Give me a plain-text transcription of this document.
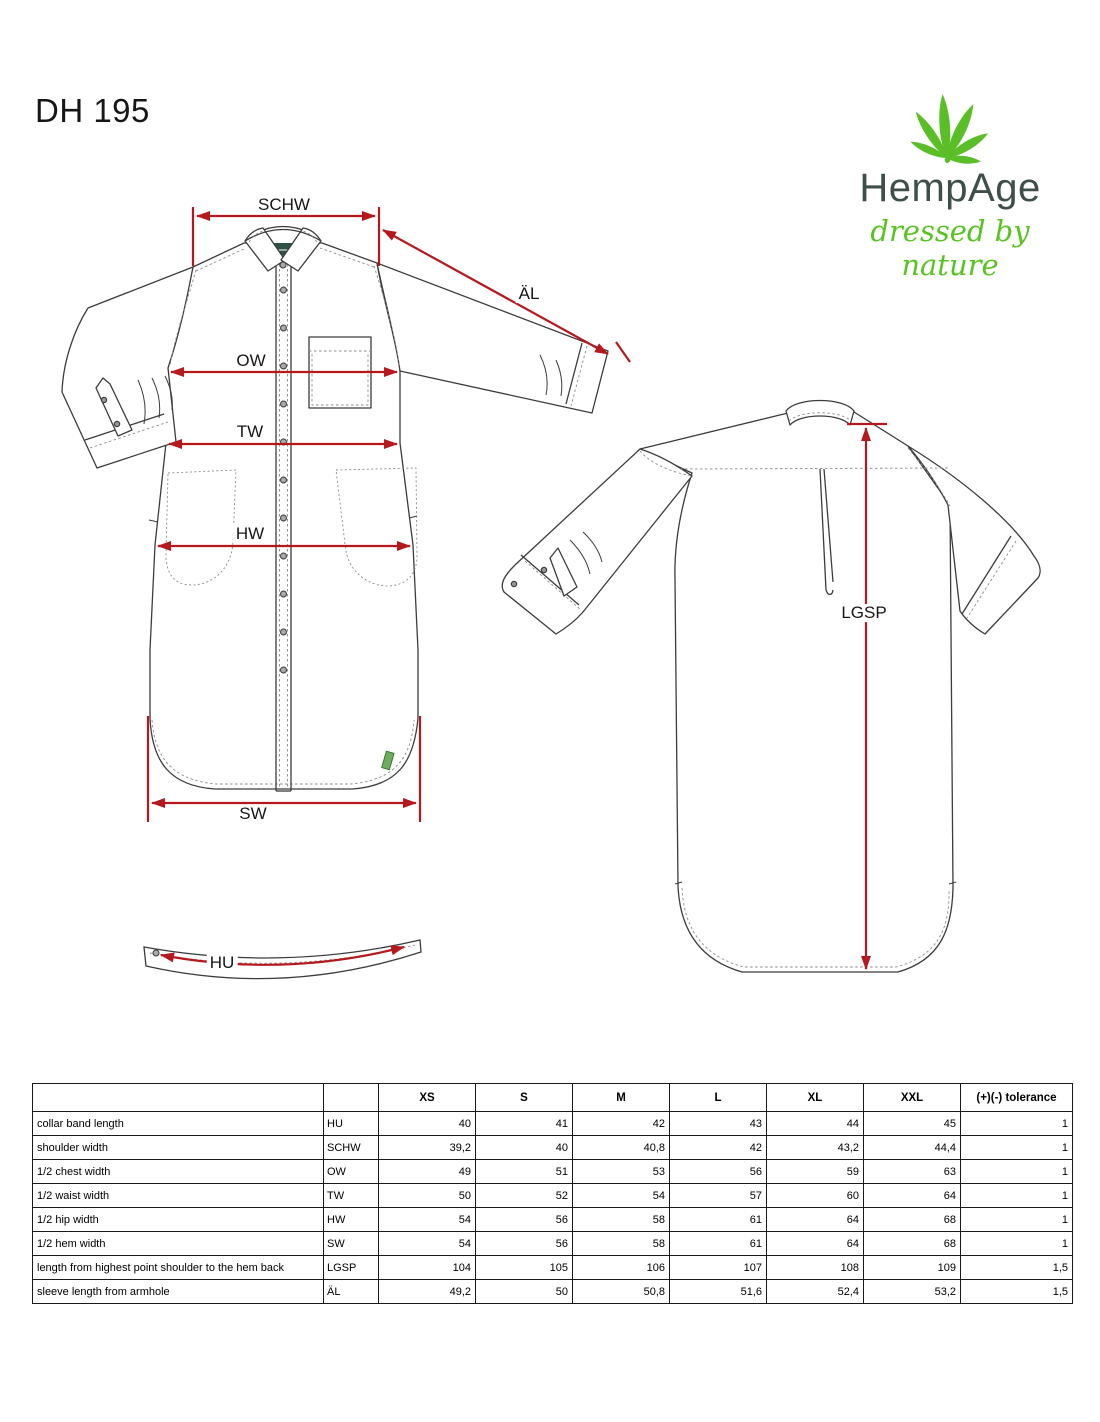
DH 195
HempAge
dressed by nature
SCHW
ÄL
OW
TW
HW
SW
HU
LGSP
		XS	S	M	L	XL	XXL	(+)(-) tolerance
collar band length	HU	40	41	42	43	44	45	1
shoulder width	SCHW	39,2	40	40,8	42	43,2	44,4	1
1/2 chest width	OW	49	51	53	56	59	63	1
1/2 waist width	TW	50	52	54	57	60	64	1
1/2 hip width	HW	54	56	58	61	64	68	1
1/2 hem width	SW	54	56	58	61	64	68	1
length from highest point shoulder to the hem back	LGSP	104	105	106	107	108	109	1,5
sleeve length from armhole	ÄL	49,2	50	50,8	51,6	52,4	53,2	1,5
